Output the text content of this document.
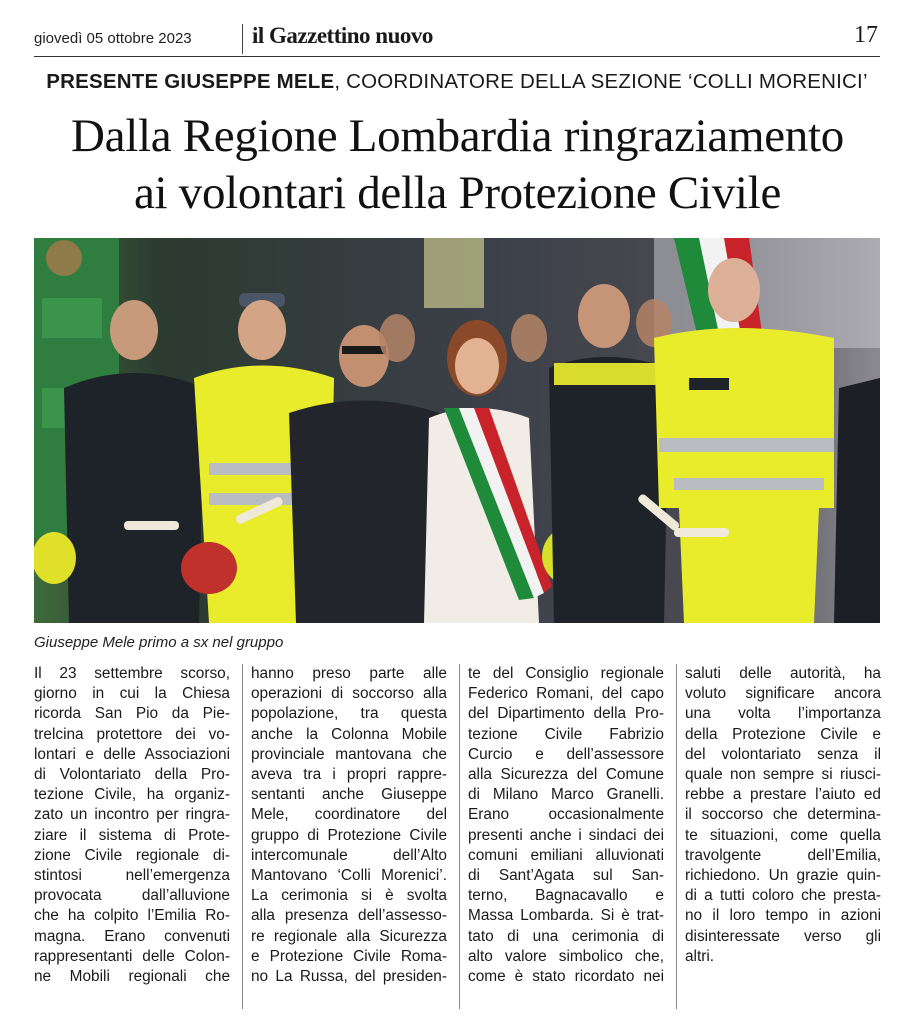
giovedì 05 ottobre 2023	il Gazzettino nuovo	17
PRESENTE GIUSEPPE MELE, COORDINATORE DELLA SEZIONE ‘COLLI MORENICI’
Dalla Regione Lombardia ringraziamento
ai volontari della Protezione Civile
Giuseppe Mele primo a sx nel gruppo
Il 23 settembre scorso,
giorno in cui la Chiesa
ricorda San Pio da Pie-
trelcina protettore dei vo-
lontari e delle Associazioni
di Volontariato della Pro-
tezione Civile, ha organiz-
zato un incontro per ringra-
ziare il sistema di Prote-
zione Civile regionale di-
stintosi nell’emergenza
provocata dall’alluvione
che ha colpito l’Emilia Ro-
magna. Erano convenuti
rappresentanti delle Colon-
ne Mobili regionali che
hanno preso parte alle
operazioni di soccorso alla
popolazione, tra questa
anche la Colonna Mobile
provinciale mantovana che
aveva tra i propri rappre-
sentanti anche Giuseppe
Mele, coordinatore del
gruppo di Protezione Civile
intercomunale dell’Alto
Mantovano ‘Colli Morenici’.
La cerimonia si è svolta
alla presenza dell’assesso-
re regionale alla Sicurezza
e Protezione Civile Roma-
no La Russa, del presiden-
te del Consiglio regionale
Federico Romani, del capo
del Dipartimento della Pro-
tezione Civile Fabrizio
Curcio e dell’assessore
alla Sicurezza del Comune
di Milano Marco Granelli.
Erano occasionalmente
presenti anche i sindaci dei
comuni emiliani alluvionati
di Sant’Agata sul San-
terno, Bagnacavallo e
Massa Lombarda. Si è trat-
tato di una cerimonia di
alto valore simbolico che,
come è stato ricordato nei
saluti delle autorità, ha
voluto significare ancora
una volta l’importanza
della Protezione Civile e
del volontariato senza il
quale non sempre si riusci-
rebbe a prestare l’aiuto ed
il soccorso che determina-
te situazioni, come quella
travolgente dell’Emilia,
richiedono. Un grazie quin-
di a tutti coloro che presta-
no il loro tempo in azioni
disinteressate verso gli
altri.
